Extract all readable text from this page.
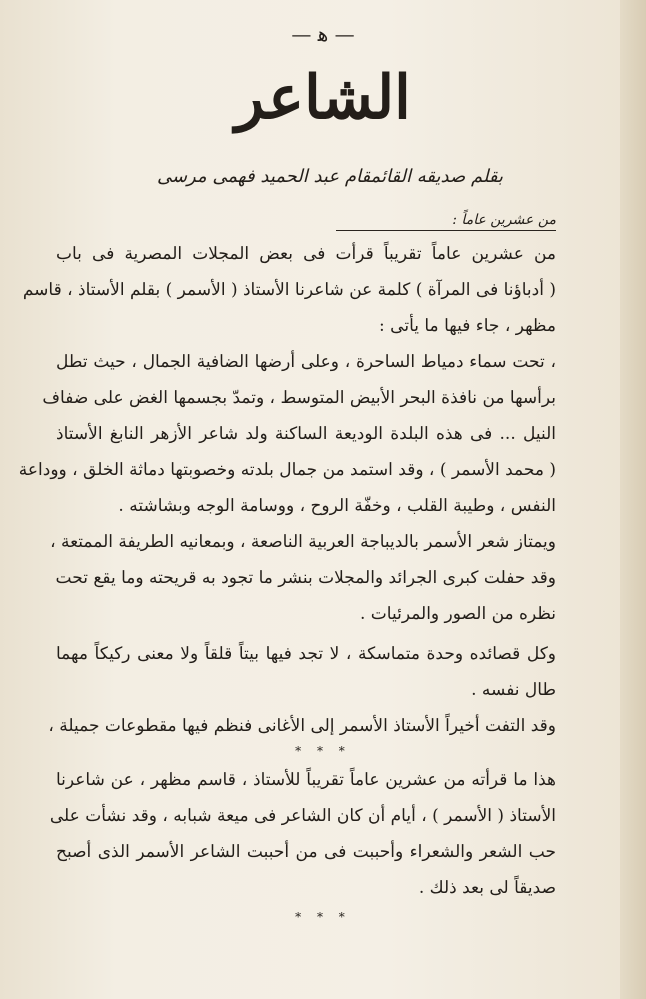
— ﻫ —
الشاعر
بقلم صديقه القائمقام عبد الحميد فهمى مرسى
من عشرين عاماً :
من عشرين عاماً تقريباً قرأت فى بعض المجلات المصرية فى باب
( أدباؤنا فى المرآة ) كلمة عن شاعرنا الأستاذ ( الأسمر ) بقلم الأستاذ ، قاسم
مظهر ، جاء فيها ما يأتى :
، تحت سماء دمياط الساحرة ، وعلى أرضها الضافية الجمال ، حيث تطل
برأسها من نافذة البحر الأبيض المتوسط ، وتمدّ بجسمها الغض على ضفاف
النيل ... فى هذه البلدة الوديعة الساكنة ولد شاعر الأزهر النابغ الأستاذ
( محمد الأسمر ) ، وقد استمد من جمال بلدته وخصوبتها دماثة الخلق ، ووداعة
النفس ، وطيبة القلب ، وخفّة الروح ، ووسامة الوجه وبشاشته .
ويمتاز شعر الأسمر بالديباجة العربية الناصعة ، وبمعانيه الطريفة الممتعة ،
وقد حفلت كبرى الجرائد والمجلات بنشر ما تجود به قريحته وما يقع تحت
نظره من الصور والمرئيات .
وكل قصائده وحدة متماسكة ، لا تجد فيها بيتاً قلقاً ولا معنى ركيكاً مهما
طال نفسه .
وقد التفت أخيراً الأستاذ الأسمر إلى الأغانى فنظم فيها مقطوعات جميلة ،
* * *
هذا ما قرأته من عشرين عاماً تقريباً للأستاذ ، قاسم مظهر ، عن شاعرنا
الأستاذ ( الأسمر ) ، أيام أن كان الشاعر فى ميعة شبابه ، وقد نشأت على
حب الشعر والشعراء وأحببت فى من أحببت الشاعر الأسمر الذى أصبح
صديقاً لى بعد ذلك .
* * *
